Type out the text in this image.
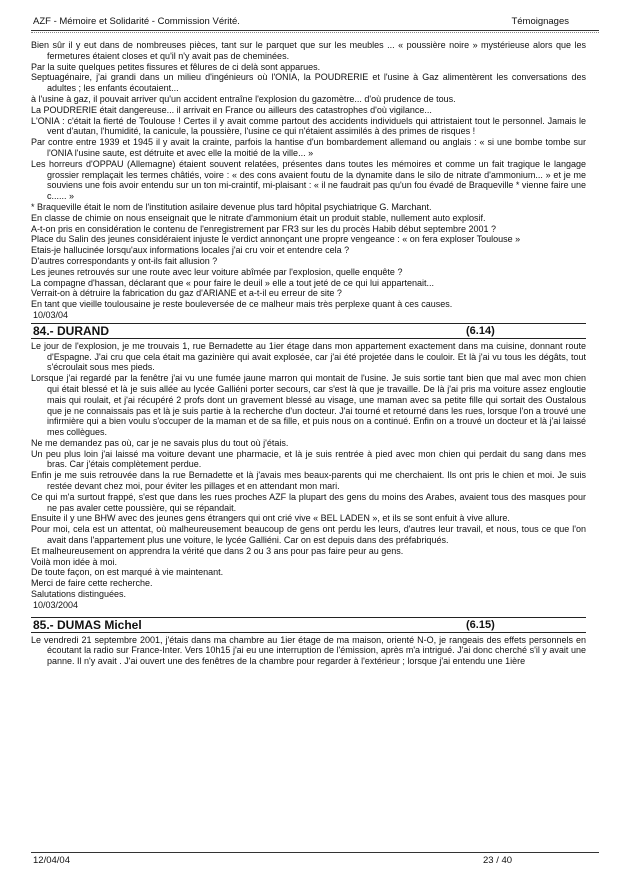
AZF - Mémoire et Solidarité - Commission Vérité.	Témoignages

Bien sûr il y eut dans de nombreuses pièces, tant sur le parquet que sur les meubles ... « poussière noire » mystérieuse alors que les fermetures étaient closes et qu'il n'y avait pas de cheminées.

Par la suite quelques petites fissures et fêlures de ci delà sont apparues.

Septuagénaire, j'ai grandi dans un milieu d'ingénieurs où l'ONIA, la POUDRERIE et l'usine à Gaz alimentèrent les conversations des adultes ; les enfants écoutaient...

à l'usine à gaz, il pouvait arriver qu'un accident entraîne l'explosion du gazomètre... d'où prudence de tous.

La POUDRERIE était dangereuse... il arrivait en France ou ailleurs des catastrophes d'où vigilance...

L'ONIA : c'était la fierté de Toulouse ! Certes il y avait comme partout des accidents individuels qui attristaient tout le personnel. Jamais le vent d'autan, l'humidité, la canicule, la poussière, l'usine ce qui n'étaient assimilés à des primes de risques !

Par contre entre 1939 et 1945 il y avait la crainte, parfois la hantise d'un bombardement allemand ou anglais : « si une bombe tombe sur l'ONIA l'usine saute, est détruite et avec elle la moitié de la ville... »

Les horreurs d'OPPAU (Allemagne) étaient souvent relatées, présentes dans toutes les mémoires et comme un fait tragique le langage grossier remplaçait les termes châtiés, voire : « des cons avaient foutu de la dynamite dans le silo de nitrate d'ammonium... » et je me souviens une fois avoir entendu sur un ton mi-craintif, mi-plaisant : « il ne faudrait pas qu'un fou évadé de Braqueville * vienne faire une c...... »

* Braqueville était le nom de l'institution asilaire devenue plus tard hôpital psychiatrique G. Marchant.

En classe de chimie on nous enseignait que le nitrate d'ammonium était un produit stable, nullement auto explosif.

A-t-on pris en considération le contenu de l'enregistrement par FR3 sur les du procès Habib début septembre 2001 ?

Place du Salin des jeunes considéraient injuste le verdict annonçant une propre vengeance : « on fera exploser Toulouse »

Etais-je hallucinée lorsqu'aux informations locales j'ai cru voir et entendre cela ?

D'autres correspondants y ont-ils fait allusion ?

Les jeunes retrouvés sur une route avec leur voiture abîmée par l'explosion, quelle enquête ?

La compagne d'hassan, déclarant que « pour faire le deuil » elle a tout jeté de ce qui lui appartenait...

Verrait-on à détruire la fabrication du gaz d'ARIANE et a-t-il eu erreur de site ?

En tant que vieille toulousaine je reste bouleversée de ce malheur mais très perplexe quant à ces causes.

10/03/04

84.- DURAND	(6.14)

Le jour de l'explosion, je me trouvais 1, rue Bernadette au 1ier étage dans mon appartement exactement dans ma cuisine, donnant route d'Espagne. J'ai cru que cela était ma gazinière qui avait explosée, car j'ai été projetée dans le couloir. Et là j'ai vu tous les dégâts, tout s'écroulait sous mes pieds.

Lorsque j'ai regardé par la fenêtre j'ai vu une fumée jaune marron qui montait de l'usine. Je suis sortie tant bien que mal avec mon chien qui était blessé et là je suis allée au lycée Galliéni porter secours, car s'est là que je travaille. De là j'ai pris ma voiture assez engloutie mais qui roulait, et j'ai récupéré 2 profs dont un gravement blessé au visage, une maman avec sa petite fille qui sortait des Oustalous que je ne connaissais pas et là je suis partie à la recherche d'un docteur. J'ai tourné et retourné dans les rues, lorsque l'on a trouvé une infirmière qui a bien voulu s'occuper de la maman et de sa fille, et puis nous on a continué. Enfin on a trouvé un docteur et là j'ai laissé mes collègues.

Ne me demandez pas où, car je ne savais plus du tout où j'étais.

Un peu plus loin j'ai laissé ma voiture devant une pharmacie, et là je suis rentrée à pied avec mon chien qui perdait du sang dans mes bras. Car j'étais complètement perdue.

Enfin je me suis retrouvée dans la rue Bernadette et là j'avais mes beaux-parents qui me cherchaient. Ils ont pris le chien et moi. Je suis restée devant chez moi, pour éviter les pillages et en attendant mon mari.

Ce qui m'a surtout frappé, s'est que dans les rues proches AZF la plupart des gens du moins des Arabes, avaient tous des masques pour ne pas avaler cette poussière, qui se répandait.

Ensuite il y une BHW avec des jeunes gens étrangers qui ont crié vive « BEL LADEN », et ils se sont enfuit à vive allure.

Pour moi, cela est un attentat, où malheureusement beaucoup de gens ont perdu les leurs, d'autres leur travail, et nous, tous ce que l'on avait dans l'appartement plus une voiture, le lycée Galliéni. Car on est depuis dans des préfabriqués.

Et malheureusement on apprendra la vérité que dans 2 ou 3 ans pour pas faire peur au gens.

Voilà mon idée à moi.

De toute façon, on est marqué à vie maintenant.

Merci de faire cette recherche.

Salutations distinguées.

10/03/2004

85.- DUMAS Michel	(6.15)

Le vendredi 21 septembre 2001, j'étais dans ma chambre au 1ier étage de ma maison, orienté N-O, je rangeais des effets personnels en écoutant la radio sur France-Inter. Vers 10h15 j'ai eu une interruption de l'émission, après m'a intrigué. J'ai donc cherché s'il y avait une panne. Il n'y avait . J'ai ouvert une des fenêtres de la chambre pour regarder à l'extérieur ; lorsque j'ai entendu une 1ière

12/04/04	23 / 40
